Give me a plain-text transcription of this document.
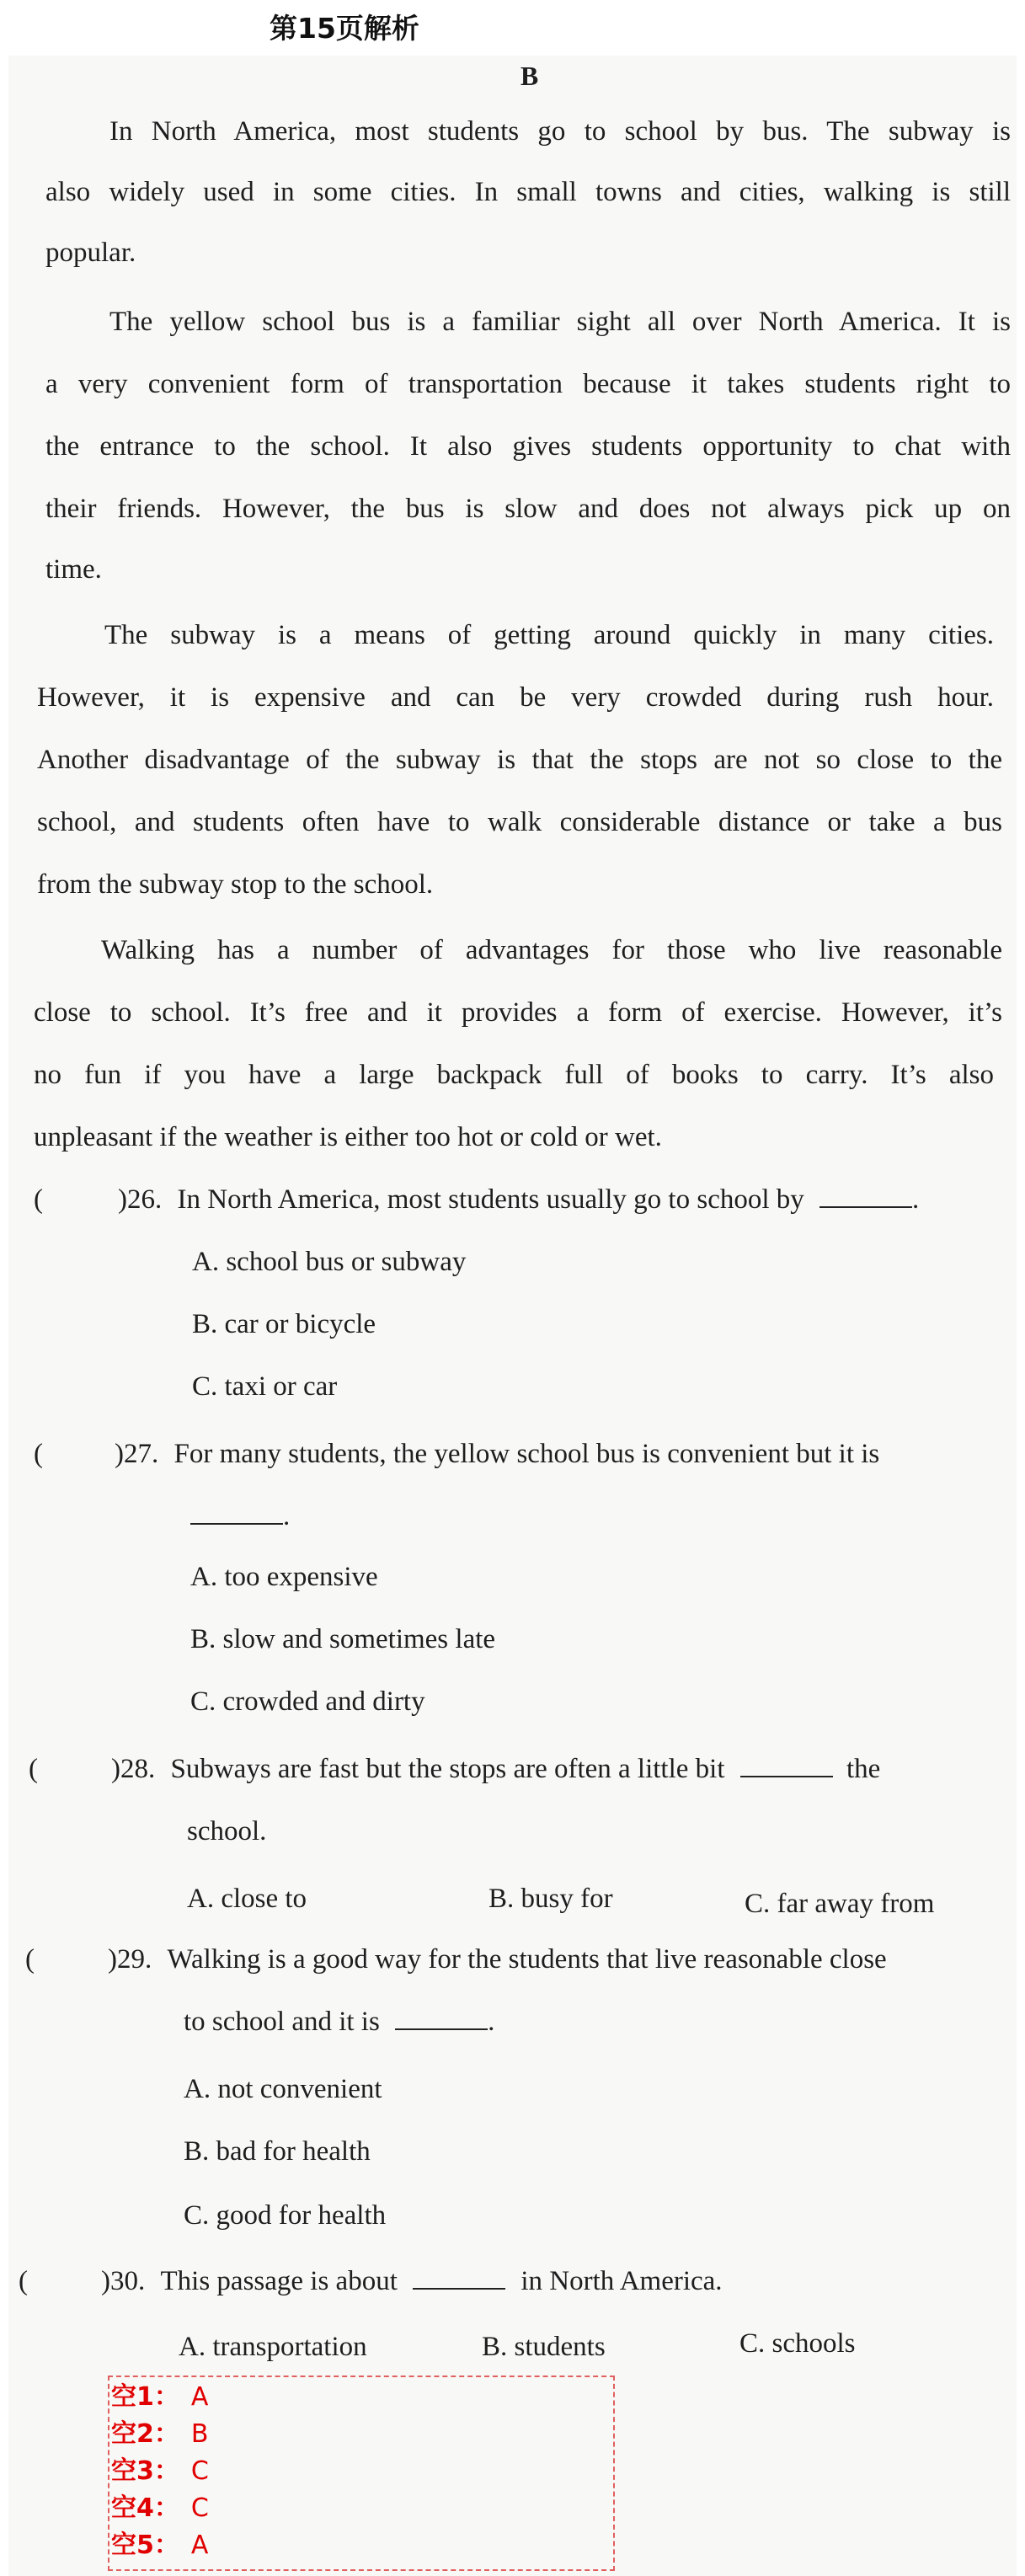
第15页解析
B
In North America, most students go to school by bus. The subway is
also widely used in some cities. In small towns and cities, walking is still
popular.
The yellow school bus is a familiar sight all over North America. It is
a very convenient form of transportation because it takes students right to
the entrance to the school. It also gives students opportunity to chat with
their friends. However, the bus is slow and does not always pick up on
time.
The subway is a means of getting around quickly in many cities.
However, it is expensive and can be very crowded during rush hour.
Another disadvantage of the subway is that the stops are not so close to the
school, and students often have to walk considerable distance or take a bus
from the subway stop to the school.
Walking has a number of advantages for those who live reasonable
close to school. It’s free and it provides a form of exercise. However, it’s
no fun if you have a large backpack full of books to carry. It’s also
unpleasant if the weather is either too hot or cold or wet.
(	)26. In North America, most students usually go to school by	.
A. school bus or subway
B. car or bicycle
C. taxi or car
(	)27. For many students, the yellow school bus is convenient but it is
.
A. too expensive
B. slow and sometimes late
C. crowded and dirty
(	)28. Subways are fast but the stops are often a little bit	the
school.
A. close to	B. busy for	C. far away from
(	)29. Walking is a good way for the students that live reasonable close
to school and it is	.
A. not convenient
B. bad for health
C. good for health
(	)30. This passage is about	in North America.
A. transportation	B. students	C. schools
空1： A
空2： B
空3： C
空4： C
空5： A
